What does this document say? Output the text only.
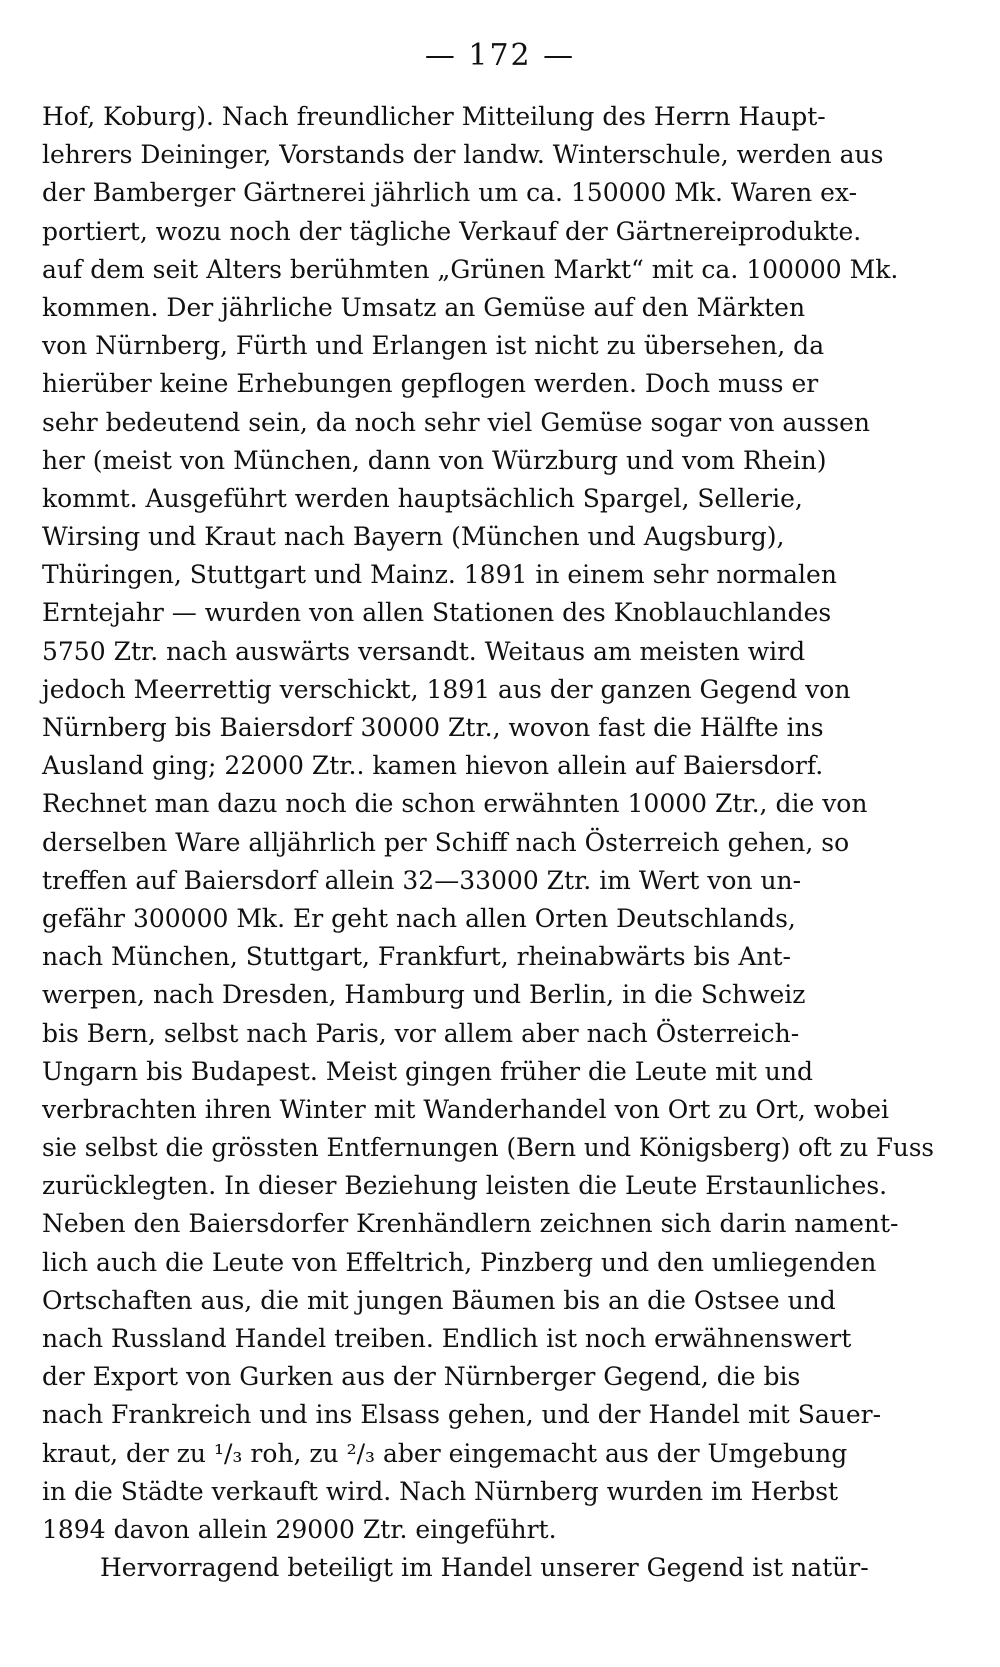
— 172 —
Hof, Koburg). Nach freundlicher Mitteilung des Herrn Haupt-
lehrers Deininger, Vorstands der landw. Winterschule, werden aus
der Bamberger Gärtnerei jährlich um ca. 150000 Mk. Waren ex-
portiert, wozu noch der tägliche Verkauf der Gärtnereiprodukte.
auf dem seit Alters berühmten „Grünen Markt“ mit ca. 100000 Mk.
kommen. Der jährliche Umsatz an Gemüse auf den Märkten
von Nürnberg, Fürth und Erlangen ist nicht zu übersehen, da
hierüber keine Erhebungen gepflogen werden. Doch muss er
sehr bedeutend sein, da noch sehr viel Gemüse sogar von aussen
her (meist von München, dann von Würzburg und vom Rhein)
kommt. Ausgeführt werden hauptsächlich Spargel, Sellerie,
Wirsing und Kraut nach Bayern (München und Augsburg),
Thüringen, Stuttgart und Mainz. 1891 in einem sehr normalen
Erntejahr — wurden von allen Stationen des Knoblauchlandes
5750 Ztr. nach auswärts versandt. Weitaus am meisten wird
jedoch Meerrettig verschickt, 1891 aus der ganzen Gegend von
Nürnberg bis Baiersdorf 30000 Ztr., wovon fast die Hälfte ins
Ausland ging; 22000 Ztr.. kamen hievon allein auf Baiersdorf.
Rechnet man dazu noch die schon erwähnten 10000 Ztr., die von
derselben Ware alljährlich per Schiff nach Österreich gehen, so
treffen auf Baiersdorf allein 32—33000 Ztr. im Wert von un-
gefähr 300000 Mk. Er geht nach allen Orten Deutschlands,
nach München, Stuttgart, Frankfurt, rheinabwärts bis Ant-
werpen, nach Dresden, Hamburg und Berlin, in die Schweiz
bis Bern, selbst nach Paris, vor allem aber nach Österreich-
Ungarn bis Budapest. Meist gingen früher die Leute mit und
verbrachten ihren Winter mit Wanderhandel von Ort zu Ort, wobei
sie selbst die grössten Entfernungen (Bern und Königsberg) oft zu Fuss
zurücklegten. In dieser Beziehung leisten die Leute Erstaunliches.
Neben den Baiersdorfer Krenhändlern zeichnen sich darin nament-
lich auch die Leute von Effeltrich, Pinzberg und den umliegenden
Ortschaften aus, die mit jungen Bäumen bis an die Ostsee und
nach Russland Handel treiben. Endlich ist noch erwähnenswert
der Export von Gurken aus der Nürnberger Gegend, die bis
nach Frankreich und ins Elsass gehen, und der Handel mit Sauer-
kraut, der zu ¹/₃ roh, zu ²/₃ aber eingemacht aus der Umgebung
in die Städte verkauft wird. Nach Nürnberg wurden im Herbst
1894 davon allein 29000 Ztr. eingeführt.
Hervorragend beteiligt im Handel unserer Gegend ist natür-
